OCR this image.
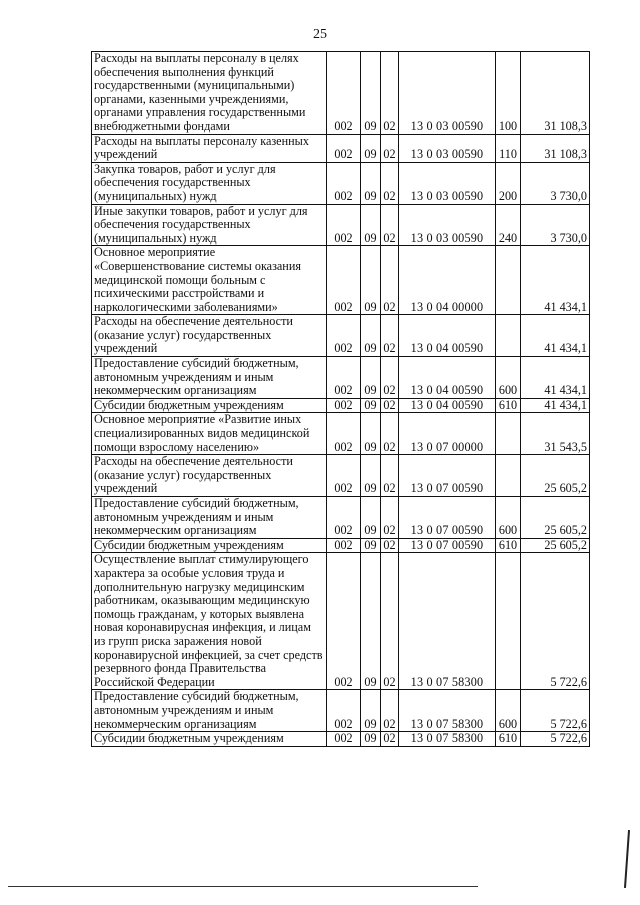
25
Расходы на выплаты персоналу в целях обеспечения выполнения функций государственными (муниципальными) органами, казенными учреждениями, органами управления государственными внебюджетными фондами	002	09	02	13 0 03 00590	100	31 108,3
Расходы на выплаты персоналу казенных учреждений	002	09	02	13 0 03 00590	110	31 108,3
Закупка товаров, работ и услуг для обеспечения государственных (муниципальных) нужд	002	09	02	13 0 03 00590	200	3 730,0
Иные закупки товаров, работ и услуг для обеспечения государственных (муниципальных) нужд	002	09	02	13 0 03 00590	240	3 730,0
Основное мероприятие «Совершенствование системы оказания медицинской помощи больным с психическими расстройствами и наркологическими заболеваниями»	002	09	02	13 0 04 00000		41 434,1
Расходы на обеспечение деятельности (оказание услуг) государственных учреждений	002	09	02	13 0 04 00590		41 434,1
Предоставление субсидий бюджетным, автономным учреждениям и иным некоммерческим организациям	002	09	02	13 0 04 00590	600	41 434,1
Субсидии бюджетным учреждениям	002	09	02	13 0 04 00590	610	41 434,1
Основное мероприятие «Развитие иных специализированных видов медицинской помощи взрослому населению»	002	09	02	13 0 07 00000		31 543,5
Расходы на обеспечение деятельности (оказание услуг) государственных учреждений	002	09	02	13 0 07 00590		25 605,2
Предоставление субсидий бюджетным, автономным учреждениям и иным некоммерческим организациям	002	09	02	13 0 07 00590	600	25 605,2
Субсидии бюджетным учреждениям	002	09	02	13 0 07 00590	610	25 605,2
Осуществление выплат стимулирующего характера за особые условия труда и дополнительную нагрузку медицинским работникам, оказывающим медицинскую помощь гражданам, у которых выявлена новая коронавирусная инфекция, и лицам из групп риска заражения новой коронавирусной инфекцией, за счет средств резервного фонда Правительства Российской Федерации	002	09	02	13 0 07 58300		5 722,6
Предоставление субсидий бюджетным, автономным учреждениям и иным некоммерческим организациям	002	09	02	13 0 07 58300	600	5 722,6
Субсидии бюджетным учреждениям	002	09	02	13 0 07 58300	610	5 722,6
